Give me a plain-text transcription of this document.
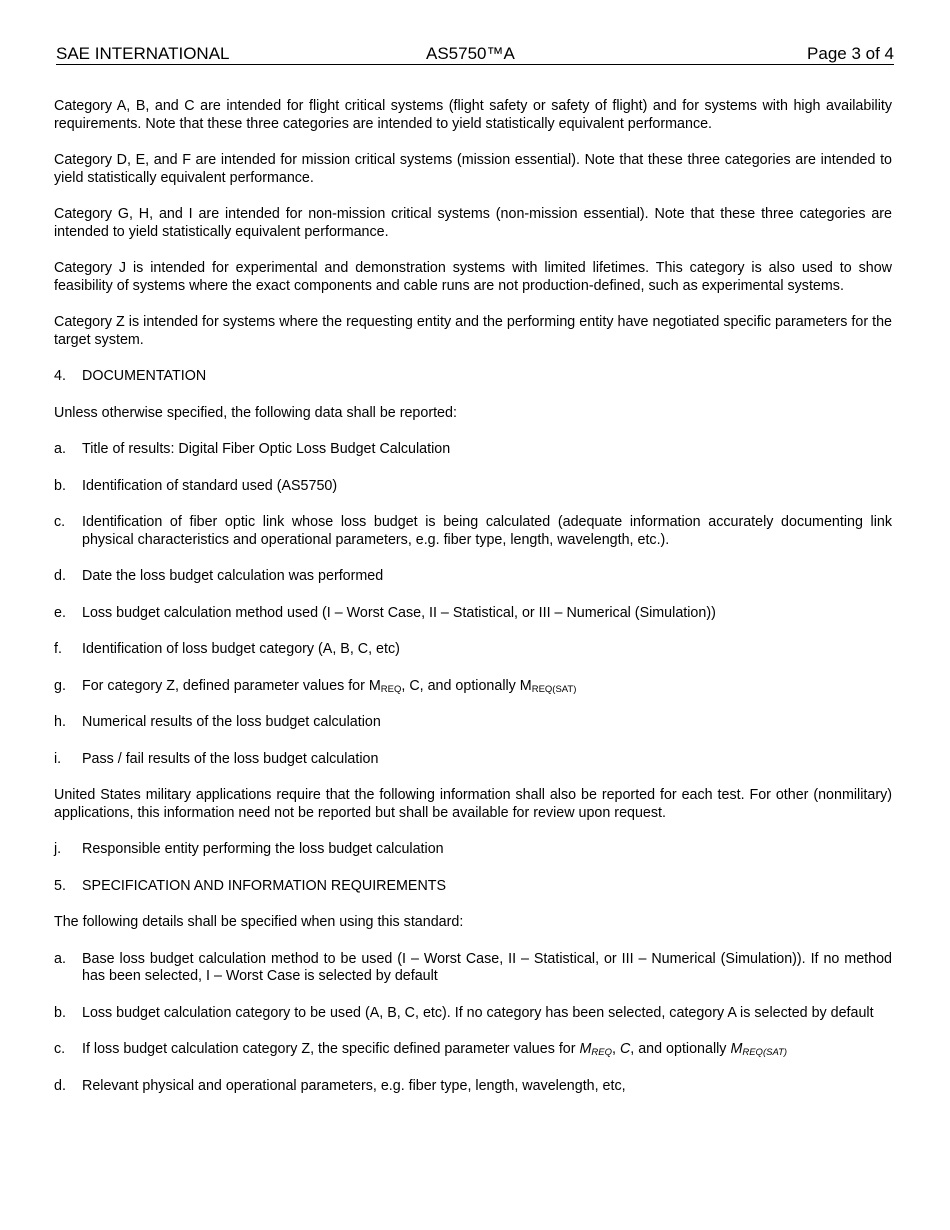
SAE INTERNATIONAL	AS5750™A	Page 3 of 4

Category A, B, and C are intended for flight critical systems (flight safety or safety of flight) and for systems with high availability requirements. Note that these three categories are intended to yield statistically equivalent performance.

Category D, E, and F are intended for mission critical systems (mission essential). Note that these three categories are intended to yield statistically equivalent performance.

Category G, H, and I are intended for non-mission critical systems (non-mission essential). Note that these three categories are intended to yield statistically equivalent performance.

Category J is intended for experimental and demonstration systems with limited lifetimes. This category is also used to show feasibility of systems where the exact components and cable runs are not production-defined, such as experimental systems.

Category Z is intended for systems where the requesting entity and the performing entity have negotiated specific parameters for the target system.

4. DOCUMENTATION

Unless otherwise specified, the following data shall be reported:

a. Title of results: Digital Fiber Optic Loss Budget Calculation
b. Identification of standard used (AS5750)
c. Identification of fiber optic link whose loss budget is being calculated (adequate information accurately documenting link physical characteristics and operational parameters, e.g. fiber type, length, wavelength, etc.).
d. Date the loss budget calculation was performed
e. Loss budget calculation method used (I – Worst Case, II – Statistical, or III – Numerical (Simulation))
f. Identification of loss budget category (A, B, C, etc)
g. For category Z, defined parameter values for $M_{REQ}$, C, and optionally $M_{REQ(SAT)}$
h. Numerical results of the loss budget calculation
i. Pass / fail results of the loss budget calculation

United States military applications require that the following information shall also be reported for each test. For other (nonmilitary) applications, this information need not be reported but shall be available for review upon request.

j. Responsible entity performing the loss budget calculation
5. SPECIFICATION AND INFORMATION REQUIREMENTS

The following details shall be specified when using this standard:

a. Base loss budget calculation method to be used (I – Worst Case, II – Statistical, or III – Numerical (Simulation)). If no method has been selected, I – Worst Case is selected by default
b. Loss budget calculation category to be used (A, B, C, etc). If no category has been selected, category A is selected by default
c. If loss budget calculation category Z, the specific defined parameter values for $M_{REQ}$, C, and optionally $M_{REQ(SAT)}$
d. Relevant physical and operational parameters, e.g. fiber type, length, wavelength, etc,
